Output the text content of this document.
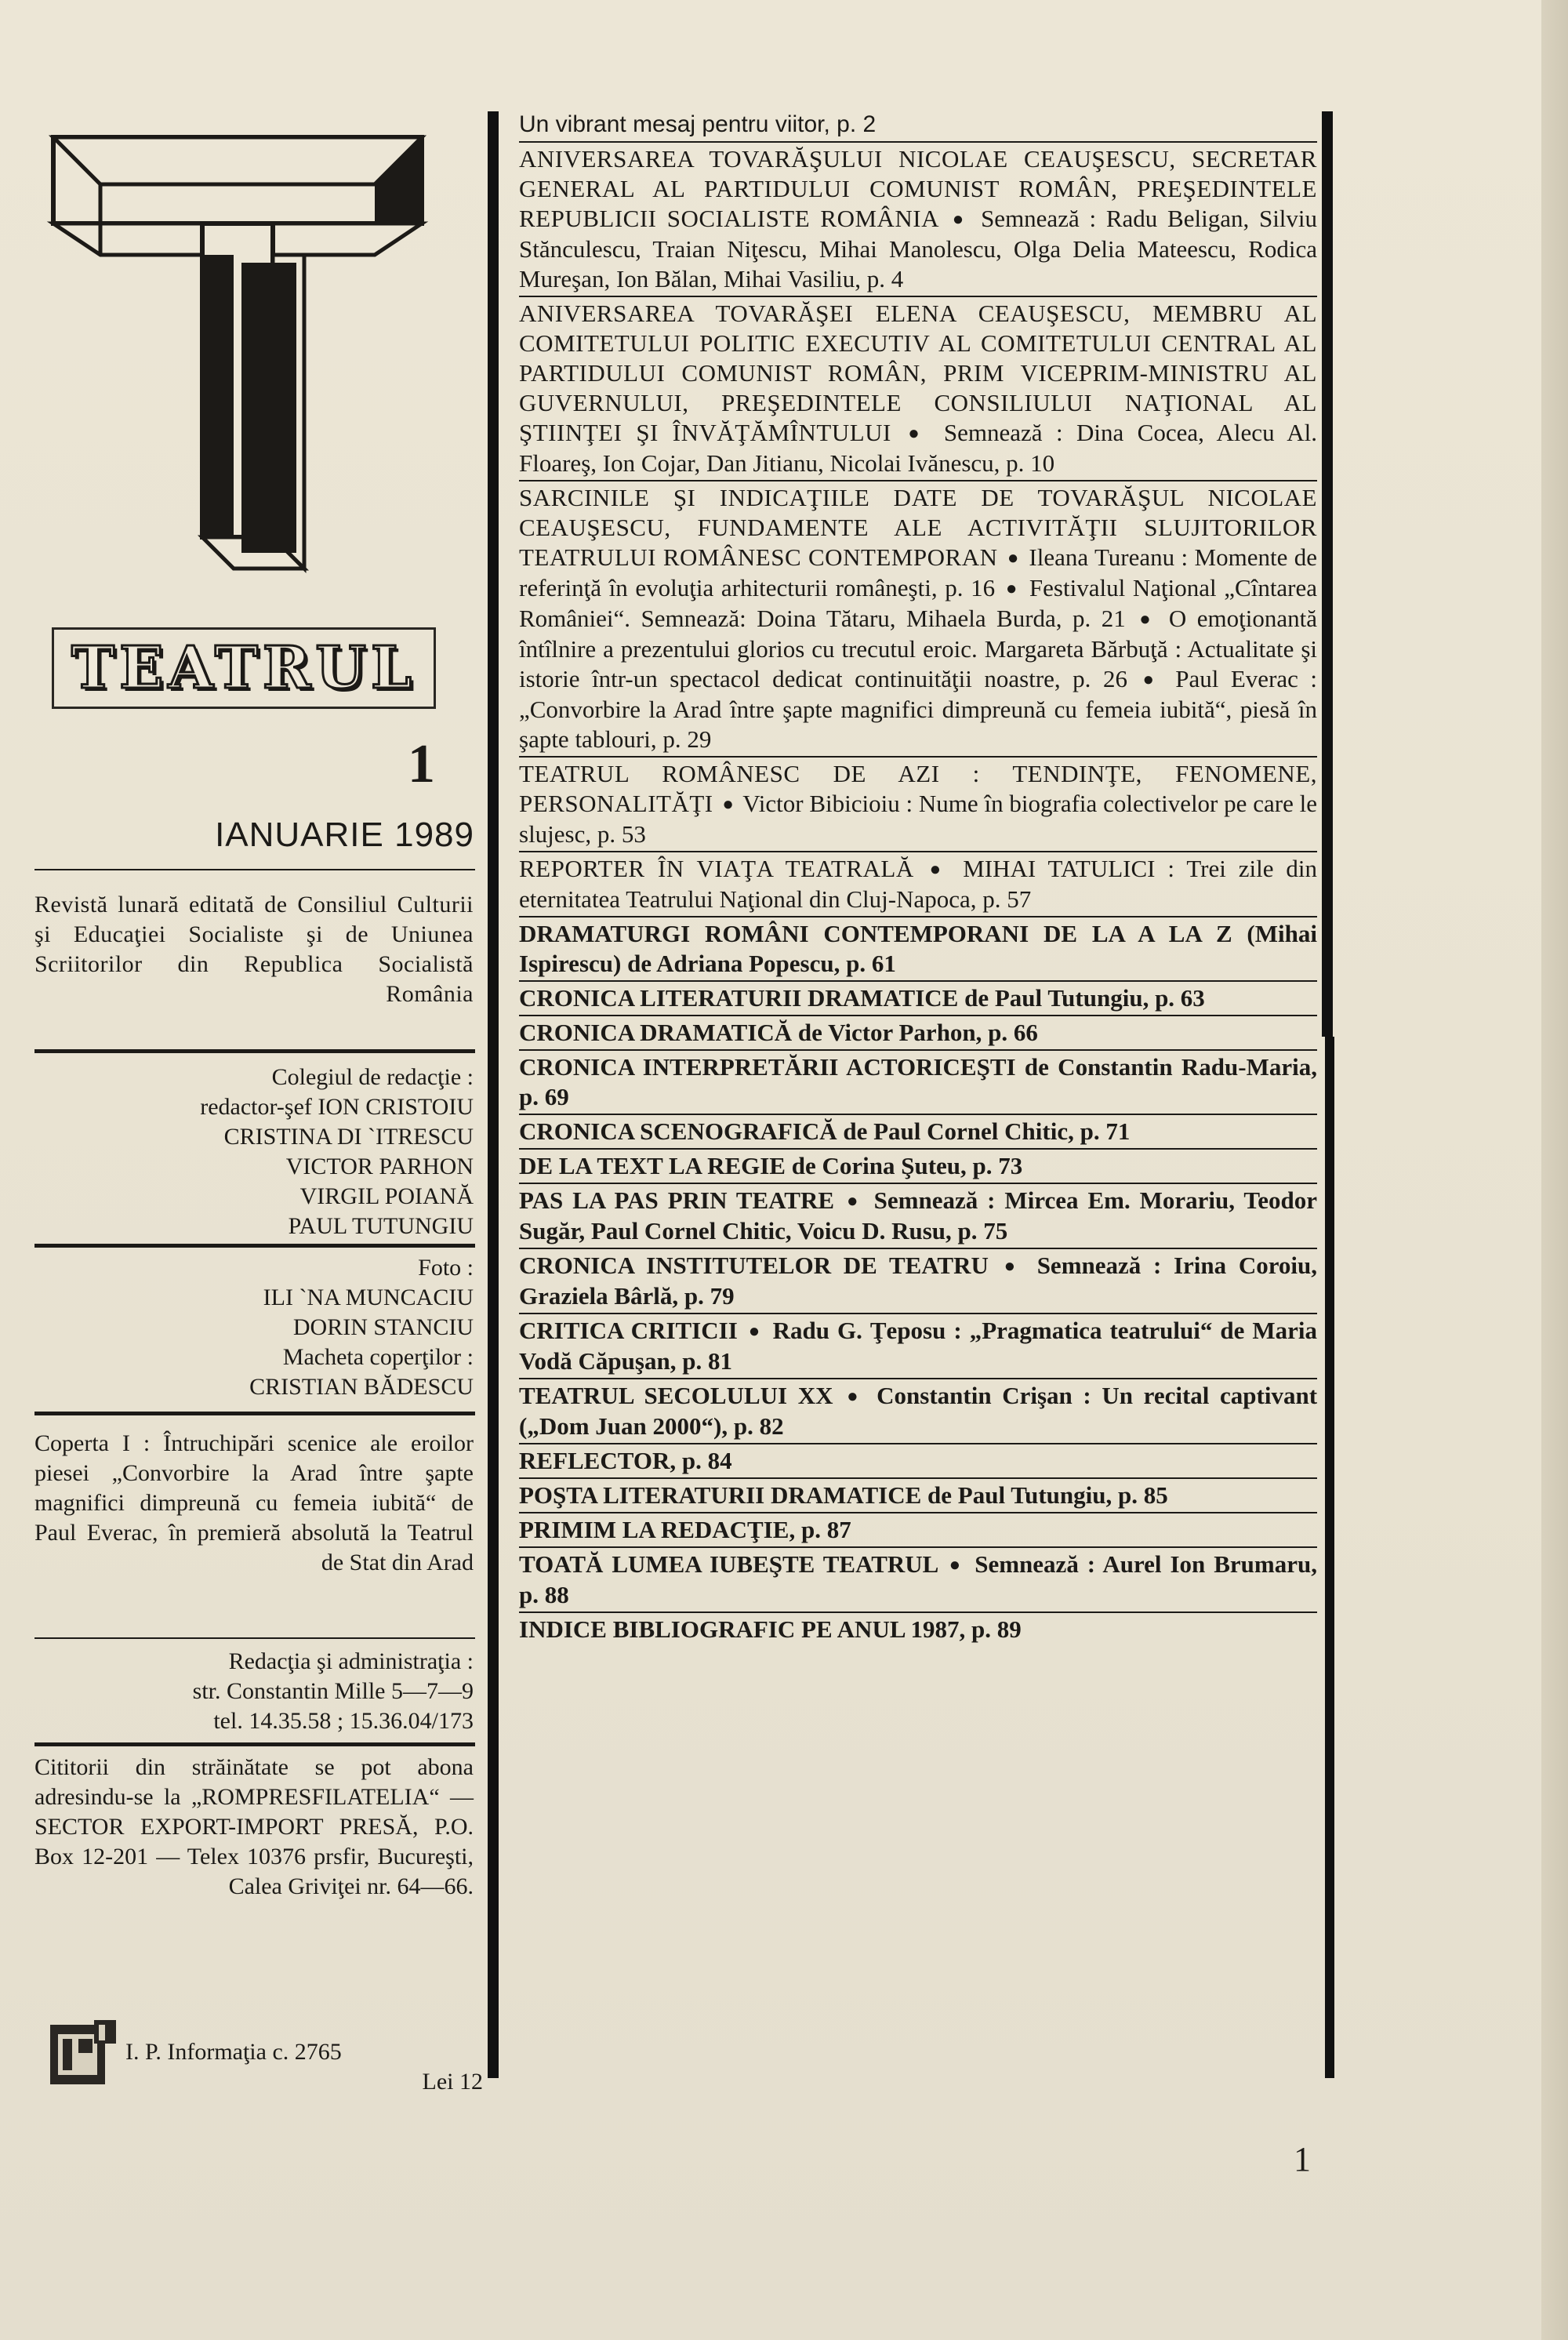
TEATRUL
1
IANUARIE 1989
Revistă lunară editată de Consiliul Culturii şi Educaţiei Socialiste şi de Uniunea Scriitorilor din Republica Socialistă România
Colegiul de redacţie :
redactor-şef ION CRISTOIU
CRISTINA DI `ITRESCU
VICTOR PARHON
VIRGIL POIANĂ
PAUL TUTUNGIU
Foto :
ILI `NA MUNCACIU
DORIN STANCIU
Macheta coperţilor :
CRISTIAN BĂDESCU
Coperta I : Întruchipări scenice ale eroilor piesei „Convorbire la Arad între şapte magnifici dimpreună cu femeia iubită“ de Paul Everac, în premieră absolută la Teatrul de Stat din Arad
Redacţia şi administraţia :
str. Constantin Mille 5—7—9
tel. 14.35.58 ; 15.36.04/173
Cititorii din străinătate se pot abona adresindu-se la „ROMPRESFILATELIA“ — SECTOR EXPORT-IMPORT PRESĂ, P.O. Box 12-201 — Telex 10376 prsfir, Bucureşti, Calea Griviţei nr. 64—66.
I. P. Informaţia c. 2765
Lei 12
Un vibrant mesaj pentru viitor, p. 2
ANIVERSAREA TOVARĂŞULUI NICOLAE CEAUŞESCU, SECRETAR GENERAL AL PARTIDULUI COMUNIST ROMÂN, PREŞEDINTELE REPUBLICII SOCIALISTE ROMÂNIA ● Semnează : Radu Beligan, Silviu Stănculescu, Traian Niţescu, Mihai Manolescu, Olga Delia Mateescu, Rodica Mureşan, Ion Bălan, Mihai Vasiliu, p. 4
ANIVERSAREA TOVARĂŞEI ELENA CEAUŞESCU, MEMBRU AL COMITETULUI POLITIC EXECUTIV AL COMITETULUI CENTRAL AL PARTIDULUI COMUNIST ROMÂN, PRIM VICEPRIM-MINISTRU AL GUVERNULUI, PREŞEDINTELE CONSILIULUI NAŢIONAL AL ŞTIINŢEI ŞI ÎNVĂŢĂMÎNTULUI ● Semnează : Dina Cocea, Alecu Al. Floareş, Ion Cojar, Dan Jitianu, Nicolai Ivănescu, p. 10
SARCINILE ŞI INDICAŢIILE DATE DE TOVARĂŞUL NICOLAE CEAUŞESCU, FUNDAMENTE ALE ACTIVITĂŢII SLUJITORILOR TEATRULUI ROMÂNESC CONTEMPORAN ● Ileana Tureanu : Momente de referinţă în evoluţia arhitecturii româneşti, p. 16 ● Festivalul Naţional „Cîntarea României“. Semnează: Doina Tătaru, Mihaela Burda, p. 21 ● O emoţionantă întîlnire a prezentului glorios cu trecutul eroic. Margareta Bărbuţă : Actualitate şi istorie într-un spectacol dedicat continuităţii noastre, p. 26 ● Paul Everac : „Convorbire la Arad între şapte magnifici dimpreună cu femeia iubită“, piesă în şapte tablouri, p. 29
TEATRUL ROMÂNESC DE AZI : TENDINŢE, FENOMENE, PERSONALITĂŢI ● Victor Bibicioiu : Nume în biografia colectivelor pe care le slujesc, p. 53
REPORTER ÎN VIAŢA TEATRALĂ ● MIHAI TATULICI : Trei zile din eternitatea Teatrului Naţional din Cluj-Napoca, p. 57
DRAMATURGI ROMÂNI CONTEMPORANI DE LA A LA Z (Mihai Ispirescu) de Adriana Popescu, p. 61
CRONICA LITERATURII DRAMATICE de Paul Tutungiu, p. 63
CRONICA DRAMATICĂ de Victor Parhon, p. 66
CRONICA INTERPRETĂRII ACTORICEŞTI de Constantin Radu-Maria, p. 69
CRONICA SCENOGRAFICĂ de Paul Cornel Chitic, p. 71
DE LA TEXT LA REGIE de Corina Şuteu, p. 73
PAS LA PAS PRIN TEATRE ● Semnează : Mircea Em. Morariu, Teodor Sugăr, Paul Cornel Chitic, Voicu D. Rusu, p. 75
CRONICA INSTITUTELOR DE TEATRU ● Semnează : Irina Coroiu, Graziela Bârlă, p. 79
CRITICA CRITICII ● Radu G. Ţeposu : „Pragmatica teatrului“ de Maria Vodă Căpuşan, p. 81
TEATRUL SECOLULUI XX ● Constantin Crişan : Un recital captivant („Dom Juan 2000“), p. 82
REFLECTOR, p. 84
POŞTA LITERATURII DRAMATICE de Paul Tutungiu, p. 85
PRIMIM LA REDACŢIE, p. 87
TOATĂ LUMEA IUBEŞTE TEATRUL ● Semnează : Aurel Ion Brumaru, p. 88
INDICE BIBLIOGRAFIC PE ANUL 1987, p. 89
1
